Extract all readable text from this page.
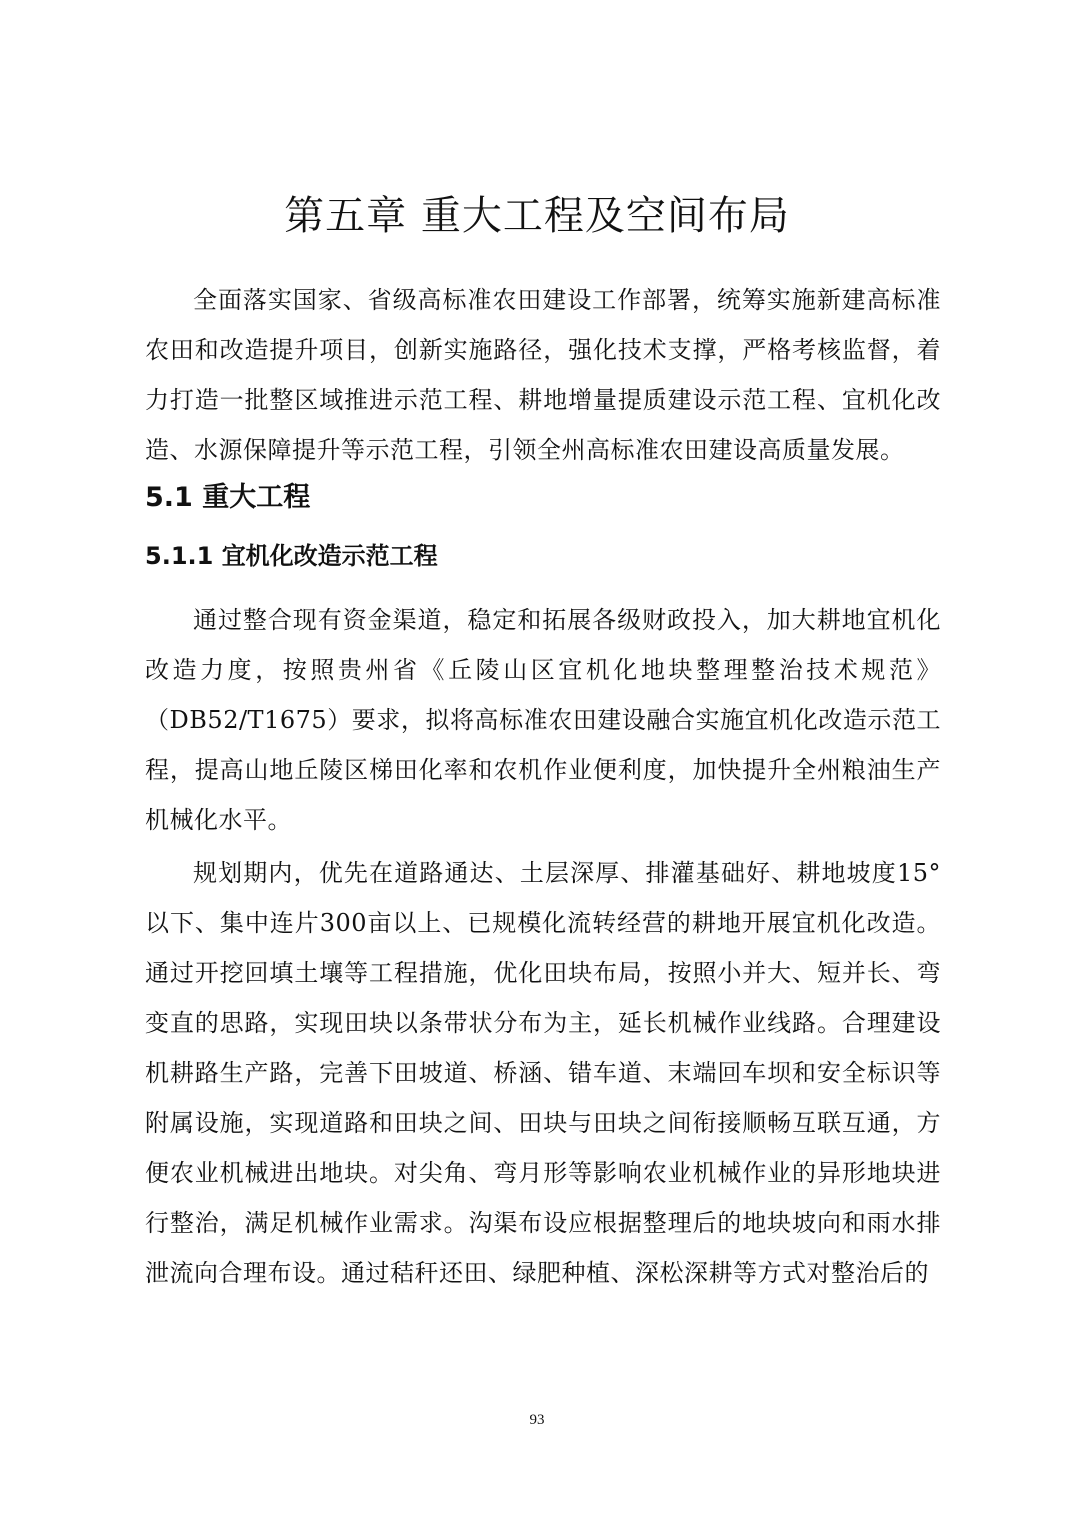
第五章 重大工程及空间布局

全面落实国家、省级高标准农田建设工作部署，统筹实施新建高标准农田和改造提升项目，创新实施路径，强化技术支撑，严格考核监督，着力打造一批整区域推进示范工程、耕地增量提质建设示范工程、宜机化改造、水源保障提升等示范工程，引领全州高标准农田建设高质量发展。

5.1 重大工程
5.1.1 宜机化改造示范工程

通过整合现有资金渠道，稳定和拓展各级财政投入，加大耕地宜机化改造力度，按照贵州省《丘陵山区宜机化地块整理整治技术规范》（DB52/T1675）要求，拟将高标准农田建设融合实施宜机化改造示范工程，提高山地丘陵区梯田化率和农机作业便利度，加快提升全州粮油生产机械化水平。

规划期内，优先在道路通达、土层深厚、排灌基础好、耕地坡度15°以下、集中连片300亩以上、已规模化流转经营的耕地开展宜机化改造。通过开挖回填土壤等工程措施，优化田块布局，按照小并大、短并长、弯变直的思路，实现田块以条带状分布为主，延长机械作业线路。合理建设机耕路生产路，完善下田坡道、桥涵、错车道、末端回车坝和安全标识等附属设施，实现道路和田块之间、田块与田块之间衔接顺畅互联互通，方便农业机械进出地块。对尖角、弯月形等影响农业机械作业的异形地块进行整治，满足机械作业需求。沟渠布设应根据整理后的地块坡向和雨水排泄流向合理布设。通过秸秆还田、绿肥种植、深松深耕等方式对整治后的

93
